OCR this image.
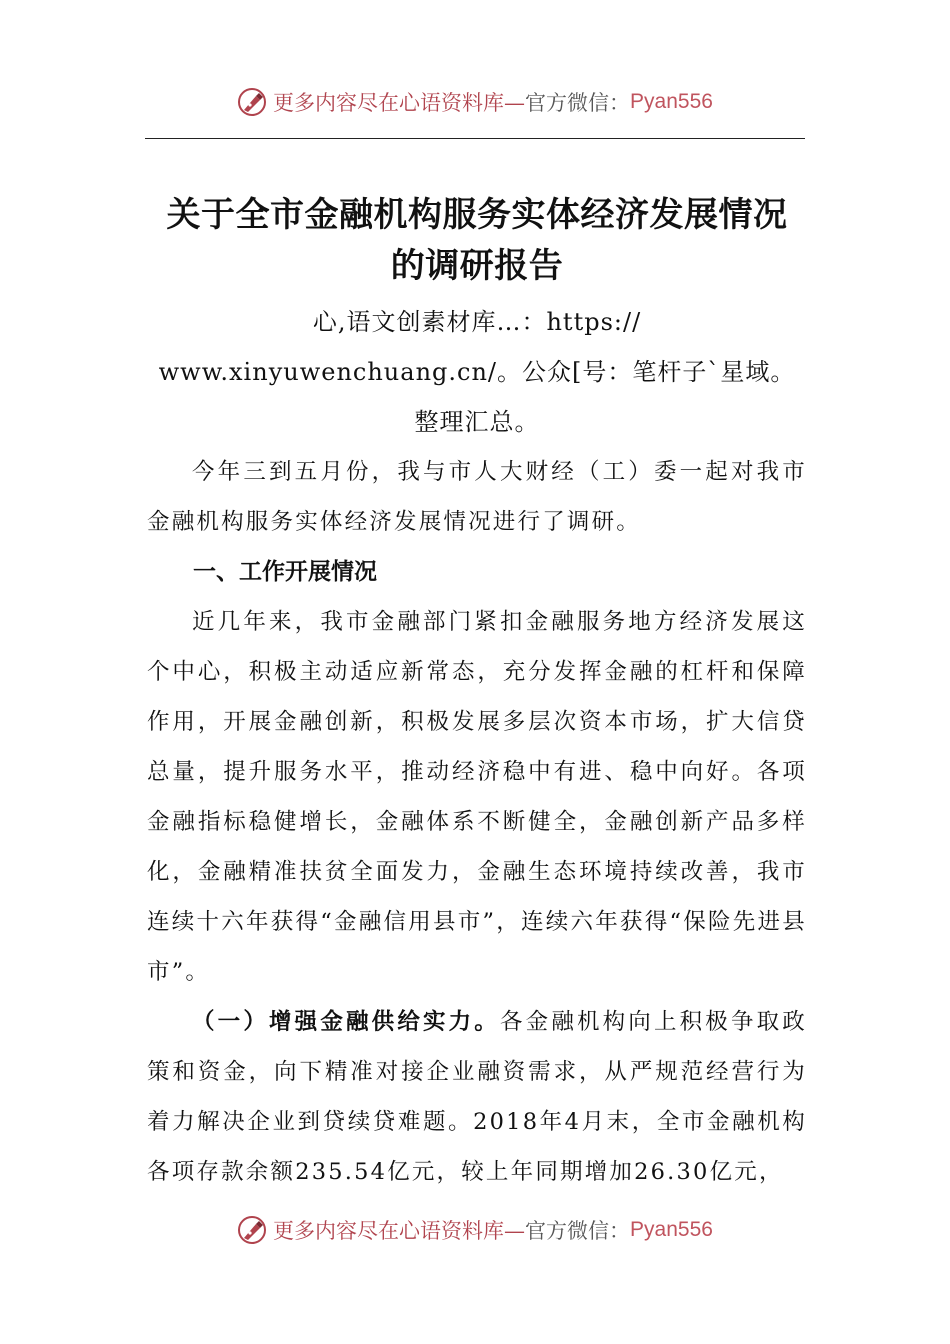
更多内容尽在心语资料库— 官方微信： Pyan556
关于全市金融机构服务实体经济发展情况
的调研报告

心,语文创素材库…：https://

www.xinyuwenchuang.cn/。公众[号：笔杆子`星域。

整理汇总。

今年三到五月份，我与市人大财经（工）委一起对我市金融机构服务实体经济发展情况进行了调研。

一、工作开展情况

近几年来，我市金融部门紧扣金融服务地方经济发展这个中心，积极主动适应新常态，充分发挥金融的杠杆和保障作用，开展金融创新，积极发展多层次资本市场，扩大信贷总量，提升服务水平，推动经济稳中有进、稳中向好。各项金融指标稳健增长，金融体系不断健全，金融创新产品多样化，金融精准扶贫全面发力，金融生态环境持续改善，我市连续十六年获得“金融信用县市”，连续六年获得“保险先进县市”。

（一）增强金融供给实力。各金融机构向上积极争取政策和资金，向下精准对接企业融资需求，从严规范经营行为着力解决企业到贷续贷难题。2018年4月末，全市金融机构各项存款余额235.54亿元，较上年同期增加26.30亿元，

更多内容尽在心语资料库— 官方微信： Pyan556
